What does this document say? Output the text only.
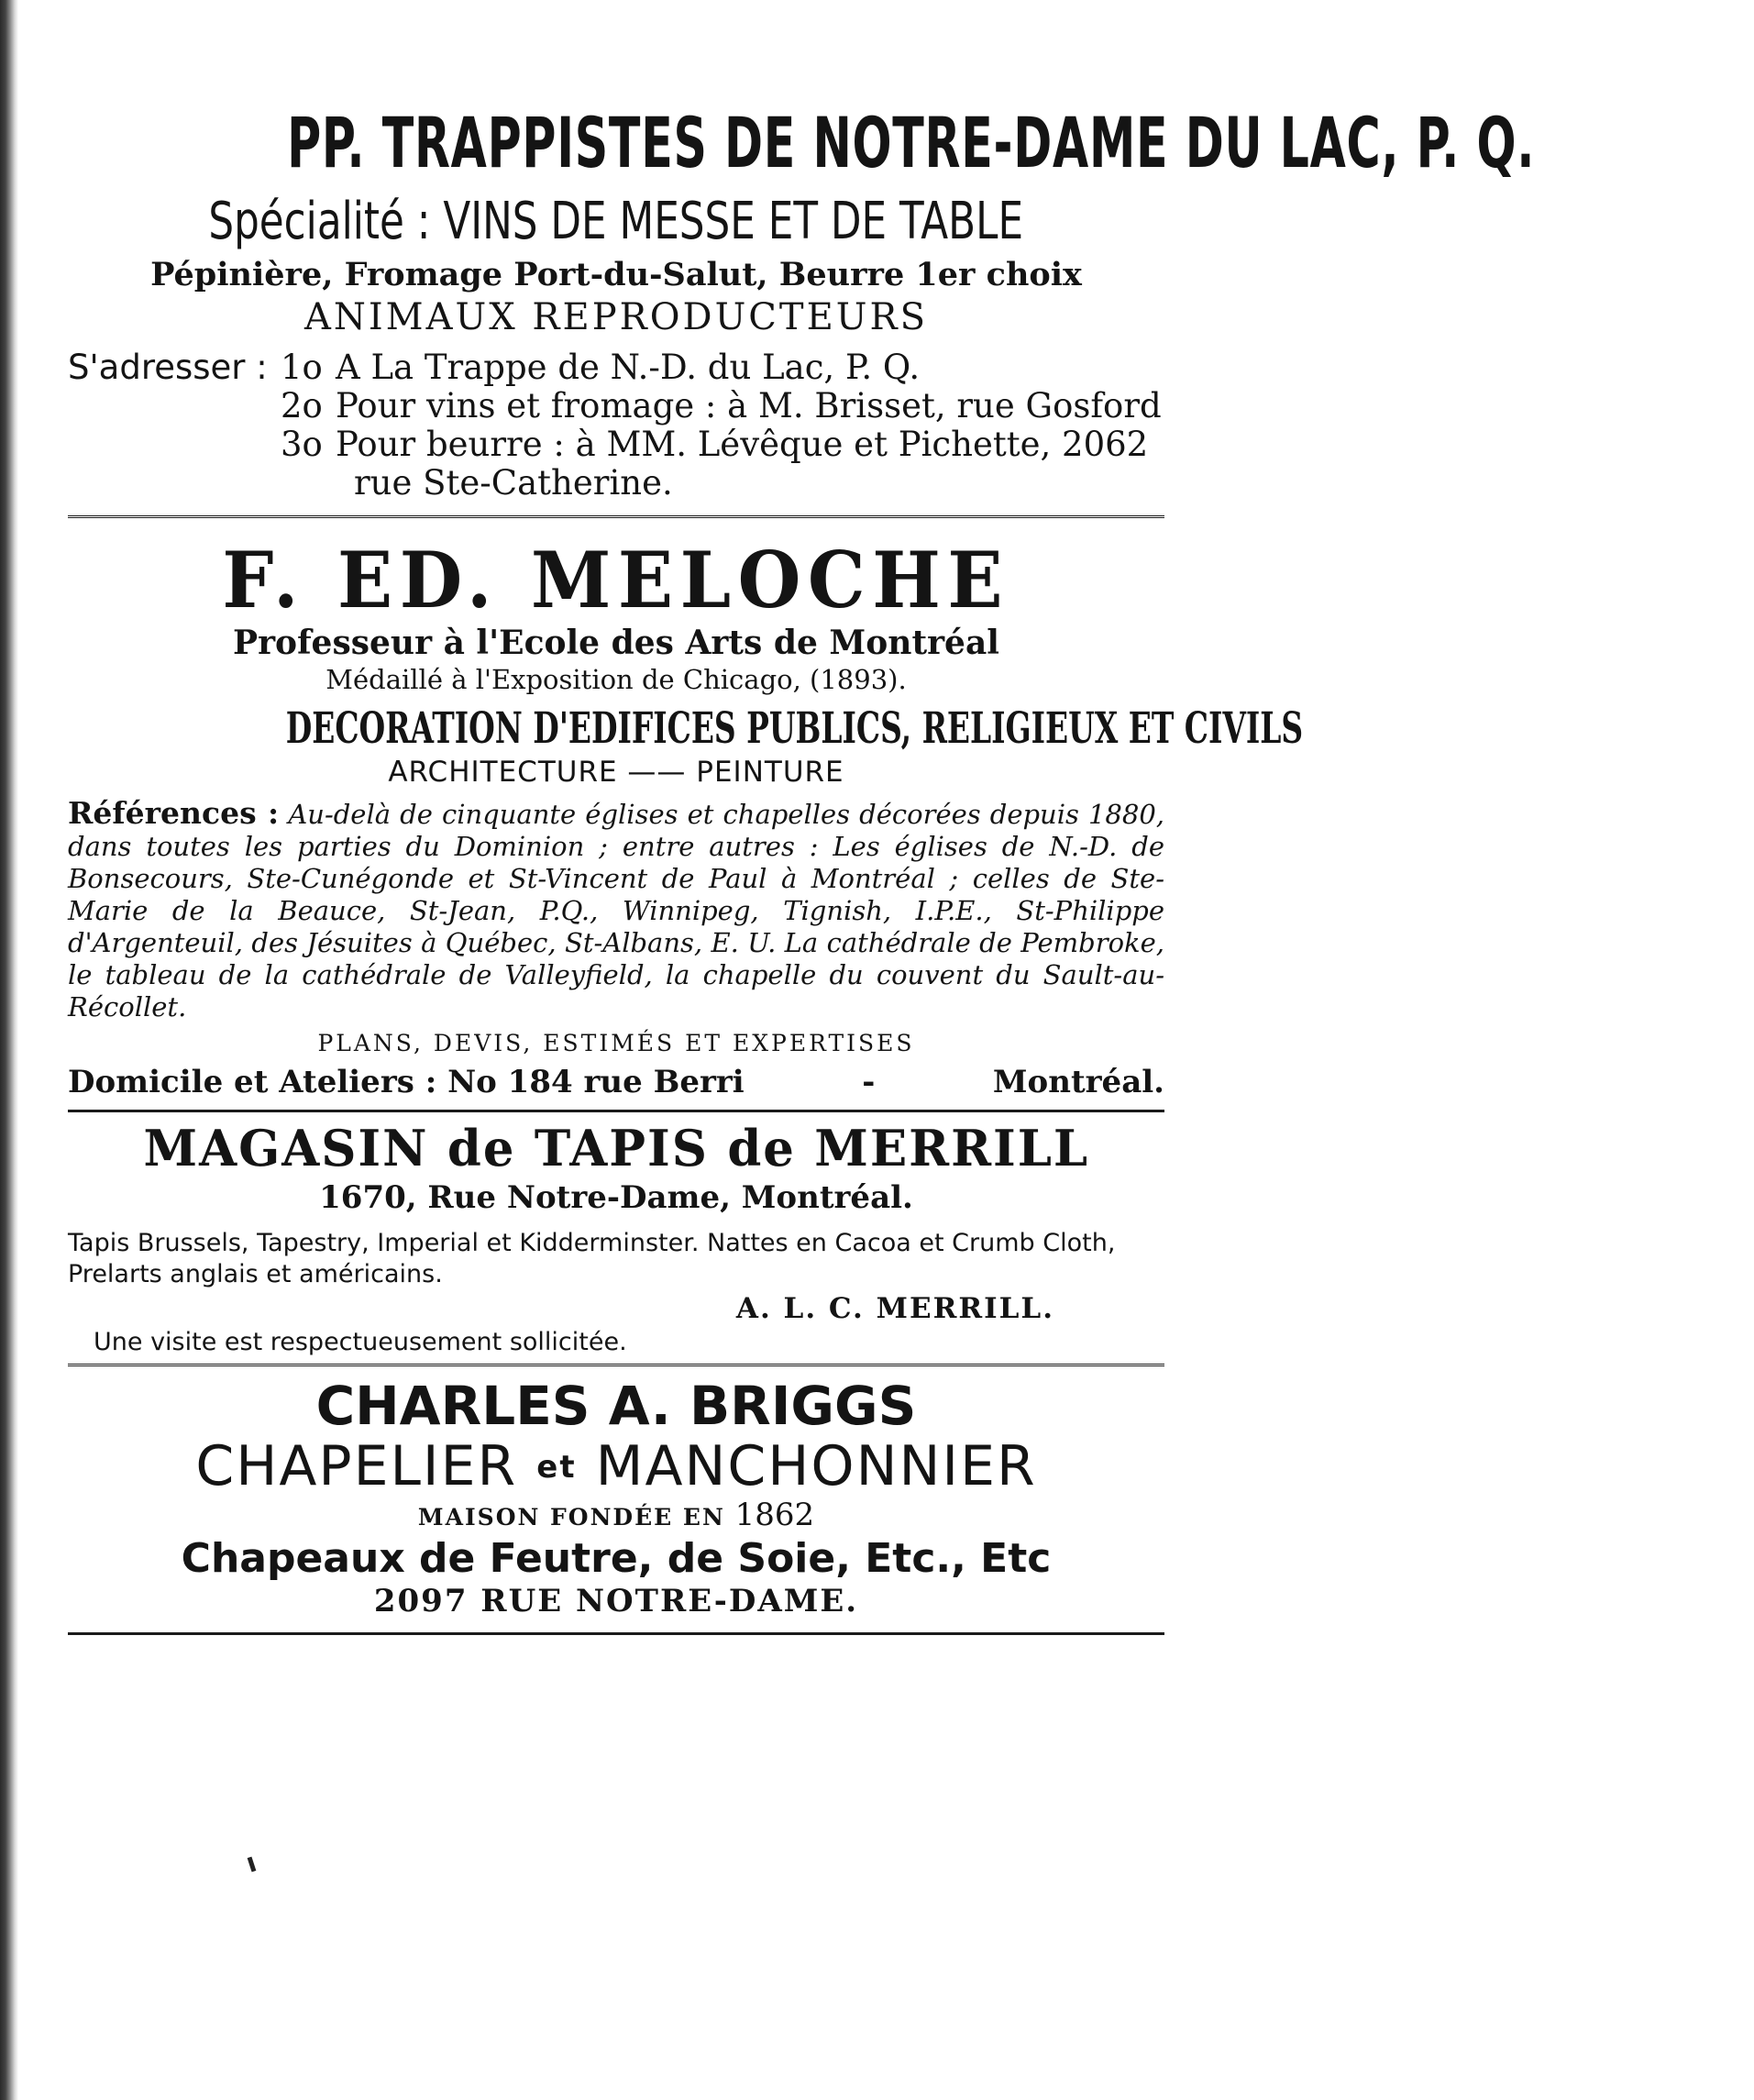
PP. TRAPPISTES DE NOTRE-DAME DU LAC, P. Q.
Spécialité : VINS DE MESSE ET DE TABLE
Pépinière, Fromage Port-du-Salut, Beurre 1er choix
ANIMAUX REPRODUCTEURS
S'adresser : 1o A La Trappe de N.-D. du Lac, P. Q.
2o Pour vins et fromage : à M. Brisset, rue Gosford
3o Pour beurre : à MM. Lévêque et Pichette, 2062
rue Ste-Catherine.
F. ED. MELOCHE
Professeur à l'Ecole des Arts de Montréal
Médaillé à l'Exposition de Chicago, (1893).
DECORATION D'EDIFICES PUBLICS, RELIGIEUX ET CIVILS
ARCHITECTURE —— PEINTURE
Références : Au-delà de cinquante églises et chapelles décorées depuis 1880, dans toutes les parties du Dominion ; entre autres : Les églises de N.-D. de Bonsecours, Ste-Cunégonde et St-Vincent de Paul à Montréal ; celles de Ste-Marie de la Beauce, St-Jean, P.Q., Winnipeg, Tignish, I.P.E., St-Philippe d'Argenteuil, des Jésuites à Québec, St-Albans, E. U. La cathédrale de Pembroke, le tableau de la cathédrale de Valleyfield, la chapelle du couvent du Sault-au-Récollet.
PLANS, DEVIS, ESTIMÉS ET EXPERTISES
Domicile et Ateliers : No 184 rue Berri	-	Montréal.
MAGASIN de TAPIS de MERRILL
1670, Rue Notre-Dame, Montréal.
Tapis Brussels, Tapestry, Imperial et Kidderminster. Nattes en Cacoa et Crumb Cloth, Prelarts anglais et américains.
A. L. C. MERRILL.
Une visite est respectueusement sollicitée.
CHARLES A. BRIGGS
CHAPELIER et MANCHONNIER
MAISON FONDÉE EN 1862
Chapeaux de Feutre, de Soie, Etc., Etc
2097 RUE NOTRE-DAME.
